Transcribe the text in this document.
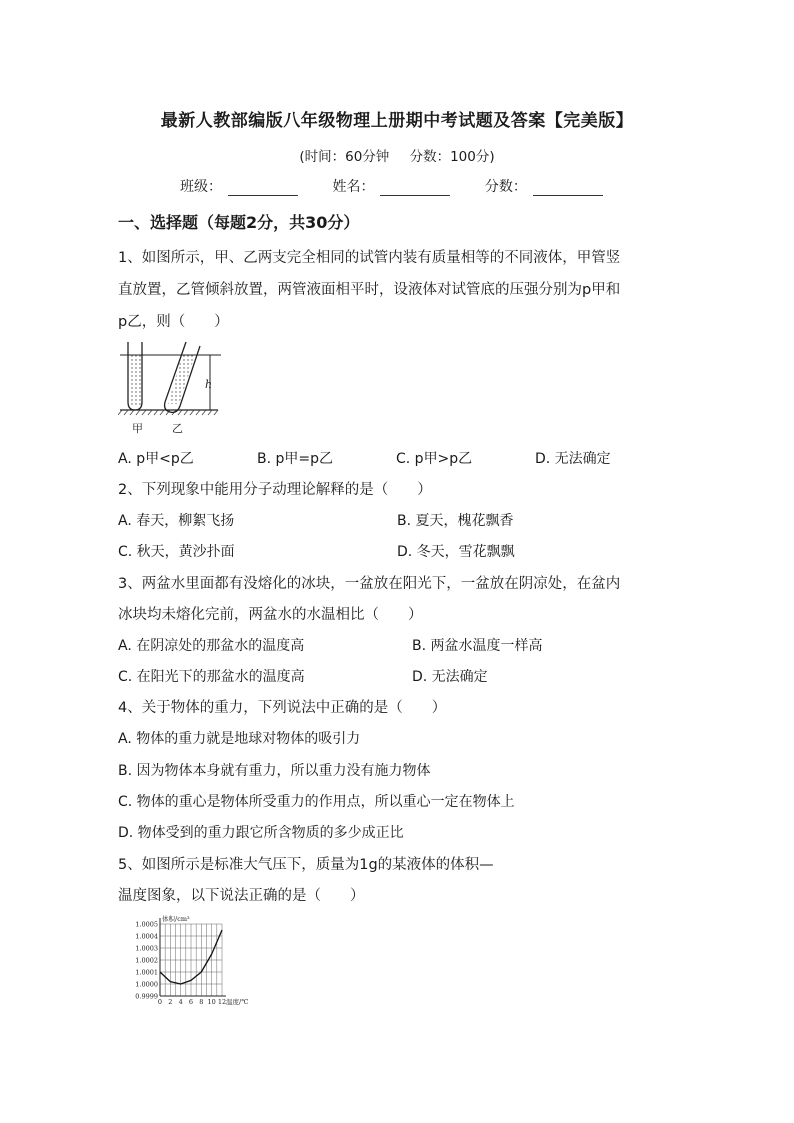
最新人教部编版八年级物理上册期中考试题及答案【完美版】
(时间：60分钟 分数：100分)
班级：	姓名：	分数：
一、选择题（每题2分，共30分）
1、如图所示，甲、乙两支完全相同的试管内装有质量相等的不同液体，甲管竖
直放置，乙管倾斜放置，两管液面相平时，设液体对试管底的压强分别为p甲和
p乙，则（　　）
h
甲	乙
A. p甲<p乙	B. p甲=p乙	C. p甲>p乙	D. 无法确定
2、下列现象中能用分子动理论解释的是（　　）
A. 春天，柳絮飞扬	B. 夏天，槐花飘香
C. 秋天，黄沙扑面	D. 冬天，雪花飘飘
3、两盆水里面都有没熔化的冰块，一盆放在阳光下，一盆放在阴凉处，在盆内
冰块均未熔化完前，两盆水的水温相比（　　）
A. 在阴凉处的那盆水的温度高	B. 两盆水温度一样高
C. 在阳光下的那盆水的温度高	D. 无法确定
4、关于物体的重力，下列说法中正确的是（　　）
A. 物体的重力就是地球对物体的吸引力
B. 因为物体本身就有重力，所以重力没有施力物体
C. 物体的重心是物体所受重力的作用点，所以重心一定在物体上
D. 物体受到的重力跟它所含物质的多少成正比
5、如图所示是标准大气压下，质量为1g的某液体的体积—
温度图象，以下说法正确的是（　　）
1.0005
1.0004
1.0003
1.0002
1.0001
1.0000
0.9999
0 2 4 6 8 10 12
体积/cm³
温度/℃
